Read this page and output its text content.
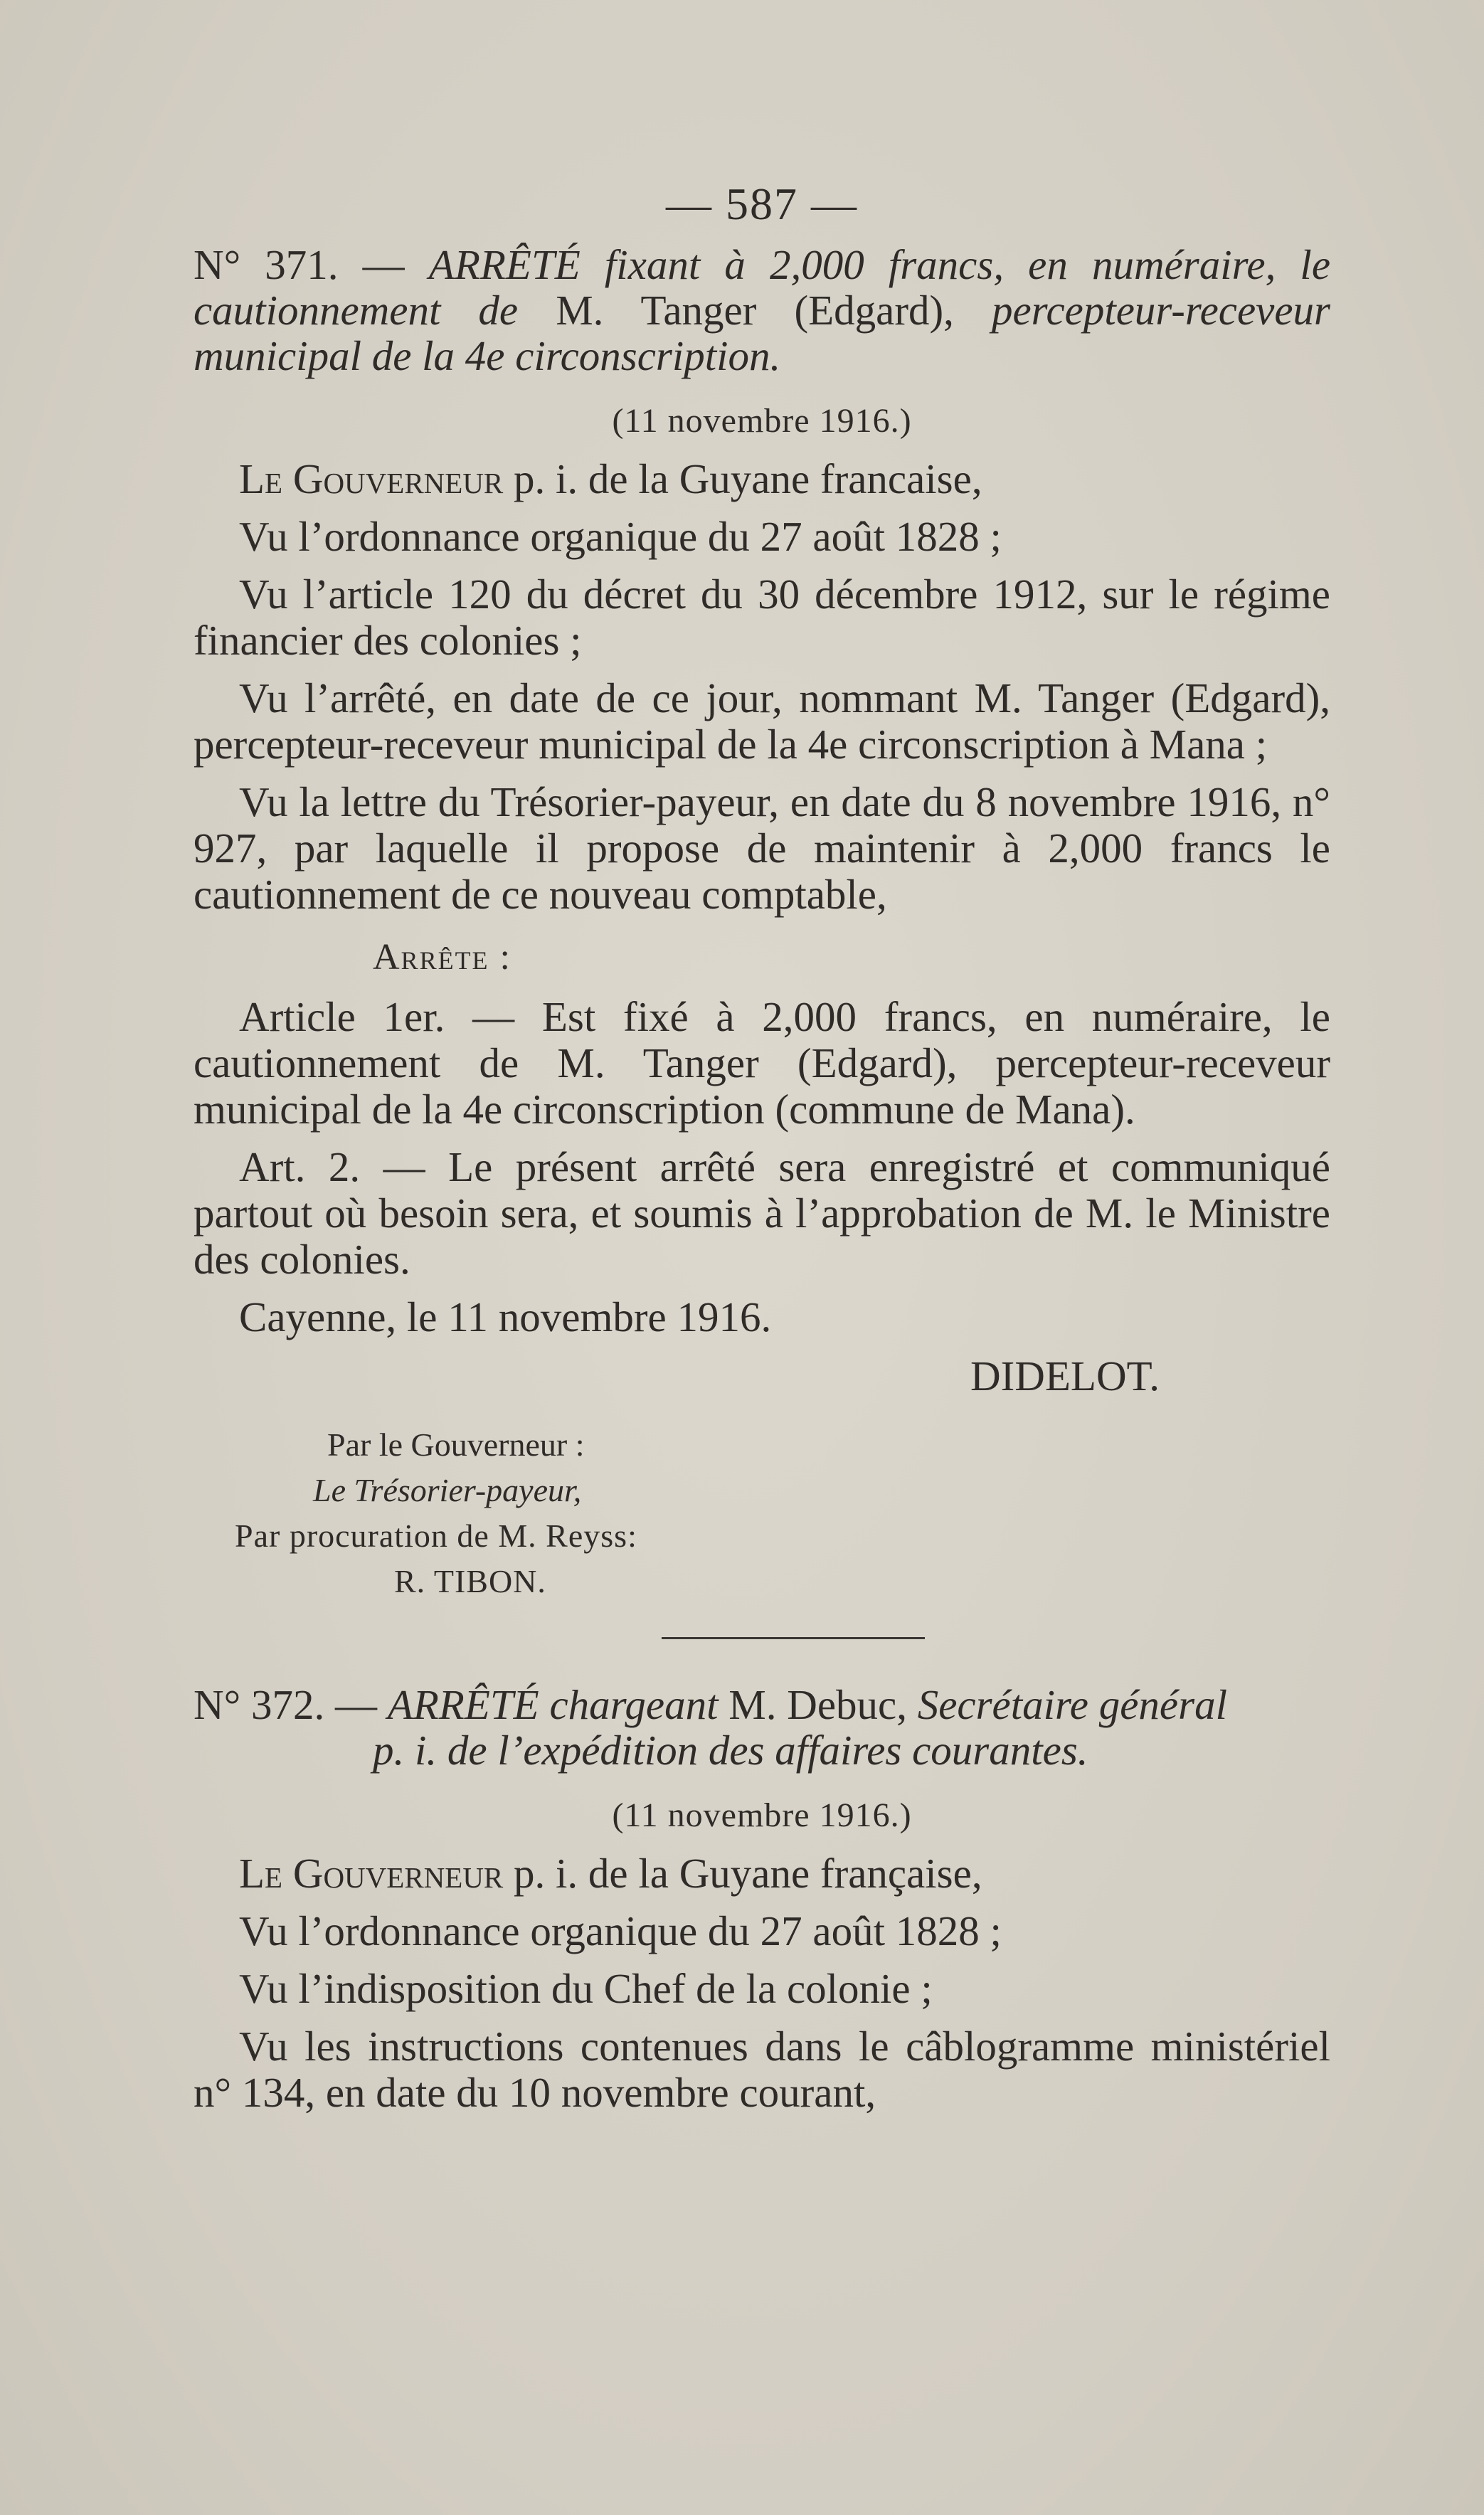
— 587 —

N° 371. — ARRÊTÉ fixant à 2,000 francs, en numéraire, le cautionnement de M. Tanger (Edgard), percepteur-receveur municipal de la 4e circonscription.

(11 novembre 1916.)

Le Gouverneur p. i. de la Guyane francaise,

Vu l’ordonnance organique du 27 août 1828 ;

Vu l’article 120 du décret du 30 décembre 1912, sur le régime financier des colonies ;

Vu l’arrêté, en date de ce jour, nommant M. Tanger (Edgard), percepteur-receveur municipal de la 4e circonscription à Mana ;

Vu la lettre du Trésorier-payeur, en date du 8 novembre 1916, n° 927, par laquelle il propose de maintenir à 2,000 francs le cautionnement de ce nouveau comptable,

Arrête :

Article 1er. — Est fixé à 2,000 francs, en numéraire, le cautionnement de M. Tanger (Edgard), percepteur-receveur municipal de la 4e circonscription (commune de Mana).

Art. 2. — Le présent arrêté sera enregistré et communiqué partout où besoin sera, et soumis à l’approbation de M. le Ministre des colonies.

Cayenne, le 11 novembre 1916.

DIDELOT.

Par le Gouverneur :

Le Trésorier-payeur,

Par procuration de M. Reyss:

R. TIBON.

N° 372. — ARRÊTÉ chargeant M. Debuc, Secrétaire général
p. i. de l’expédition des affaires courantes.

(11 novembre 1916.)

Le Gouverneur p. i. de la Guyane française,

Vu l’ordonnance organique du 27 août 1828 ;

Vu l’indisposition du Chef de la colonie ;

Vu les instructions contenues dans le câblogramme ministériel n° 134, en date du 10 novembre courant,
